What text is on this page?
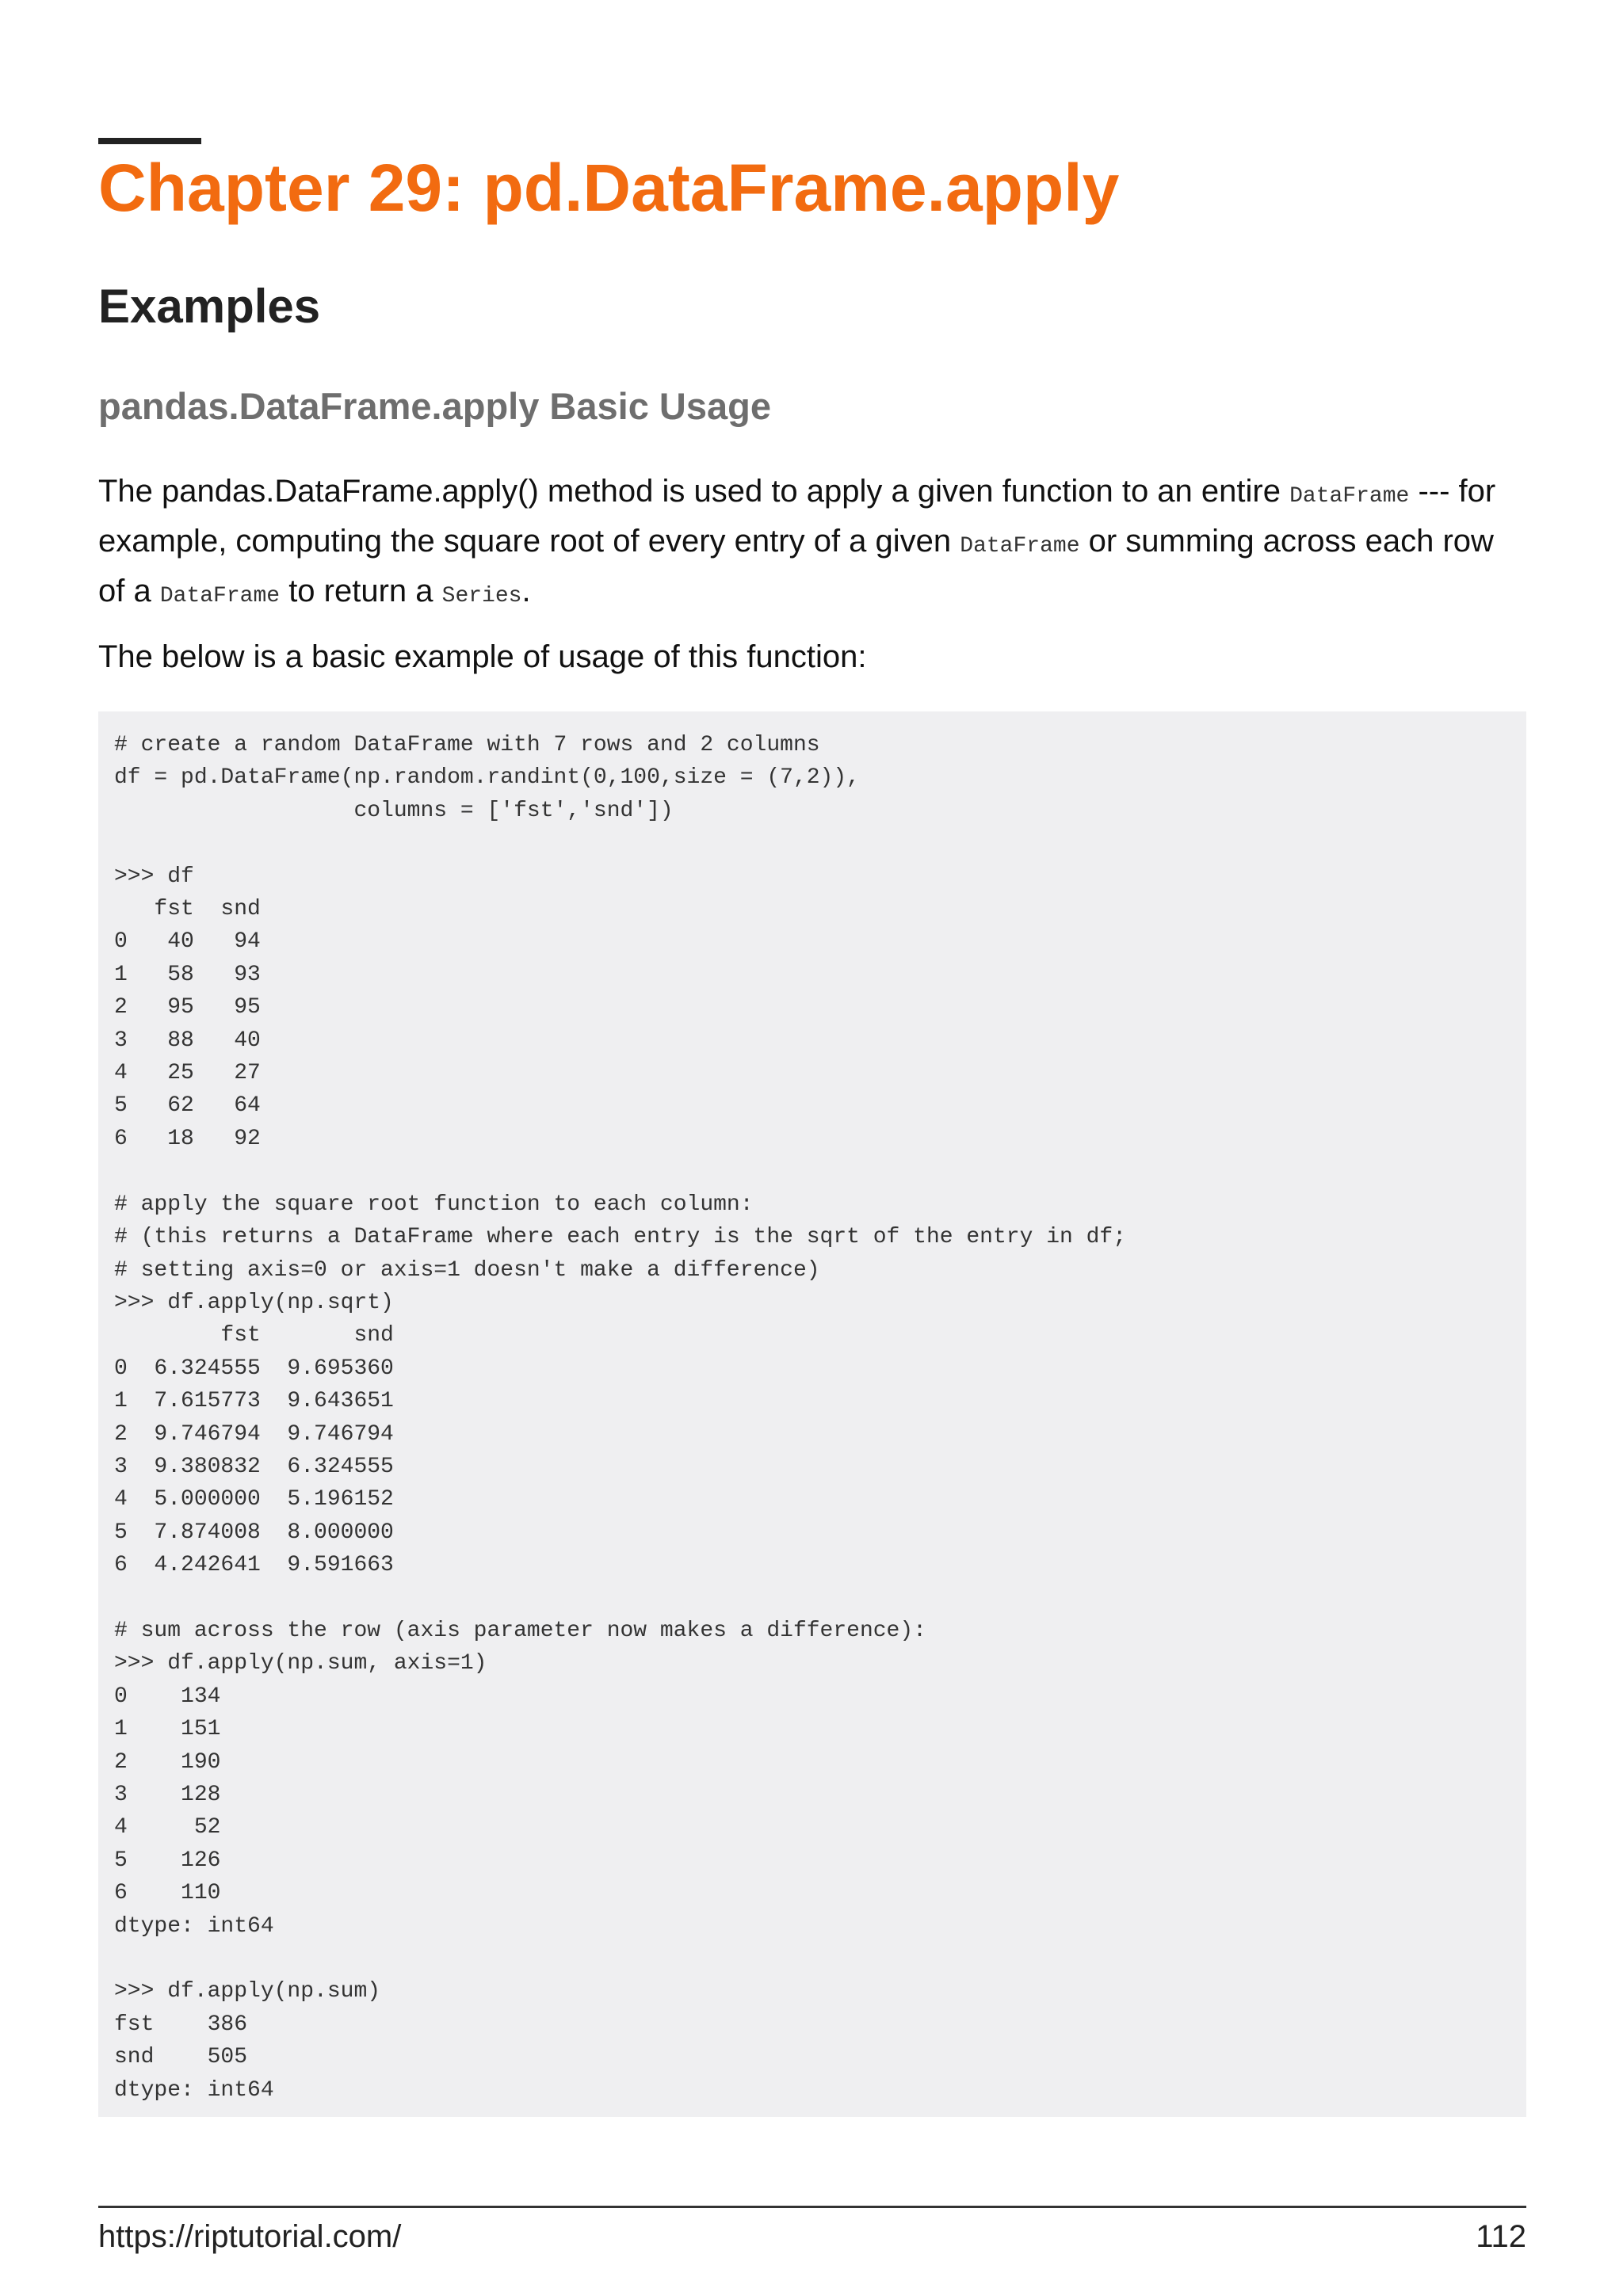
Chapter 29: pd.DataFrame.apply
Examples
pandas.DataFrame.apply Basic Usage

The pandas.DataFrame.apply() method is used to apply a given function to an entire DataFrame --- for example, computing the square root of every entry of a given DataFrame or summing across each row of a DataFrame to return a Series.

The below is a basic example of usage of this function:

# create a random DataFrame with 7 rows and 2 columns
df = pd.DataFrame(np.random.randint(0,100,size = (7,2)),
columns = ['fst','snd'])

>>> df
fst  snd
0   40   94
1   58   93
2   95   95
3   88   40
4   25   27
5   62   64
6   18   92

# apply the square root function to each column:
# (this returns a DataFrame where each entry is the sqrt of the entry in df;
# setting axis=0 or axis=1 doesn't make a difference)
>>> df.apply(np.sqrt)
fst       snd
0  6.324555  9.695360
1  7.615773  9.643651
2  9.746794  9.746794
3  9.380832  6.324555
4  5.000000  5.196152
5  7.874008  8.000000
6  4.242641  9.591663

# sum across the row (axis parameter now makes a difference):
>>> df.apply(np.sum, axis=1)
0    134
1    151
2    190
3    128
4     52
5    126
6    110
dtype: int64

>>> df.apply(np.sum)
fst    386
snd    505
dtype: int64
https://riptutorial.com/	112
